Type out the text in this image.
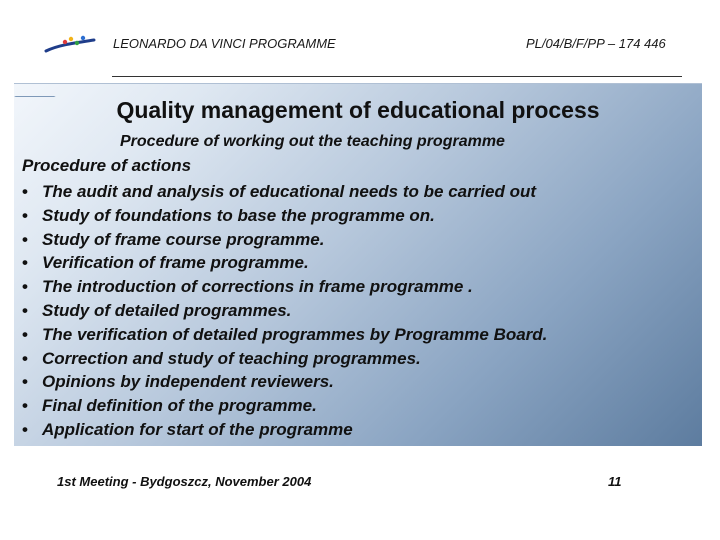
LEONARDO DA VINCI PROGRAMME	PL/04/B/F/PP – 174 446
Quality management of educational process
Procedure of working out the teaching programme
Procedure of actions
• The audit and analysis of educational needs to be carried out
• Study of foundations to base the programme on.
• Study of frame course programme.
• Verification of frame programme.
• The introduction of corrections in frame programme .
• Study of detailed programmes.
• The verification of detailed programmes by Programme Board.
• Correction and study of teaching programmes.
• Opinions by independent reviewers.
• Final definition of the programme.
• Application for start of the programme
1st Meeting - Bydgoszcz, November 2004	11
